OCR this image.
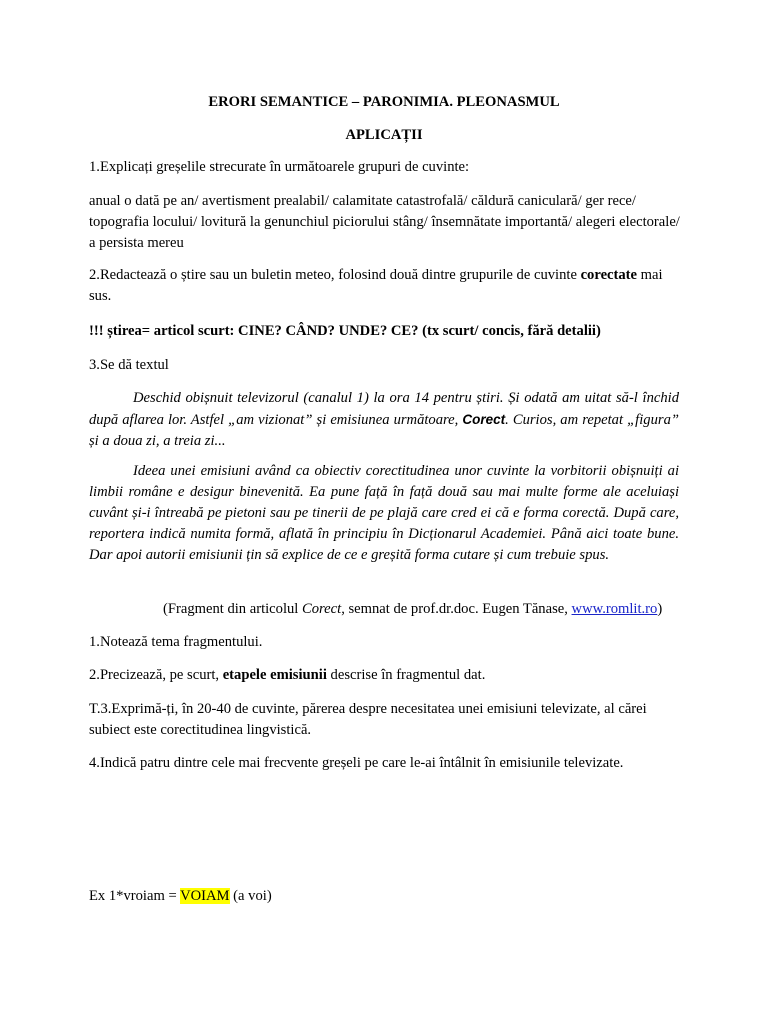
ERORI SEMANTICE – PARONIMIA. PLEONASMUL
APLICAȚII
1.Explicați greșelile strecurate în următoarele grupuri de cuvinte:
anual o dată pe an/ avertisment prealabil/ calamitate catastrofală/ căldură caniculară/ ger rece/ topografia locului/ lovitură la genunchiul piciorului stâng/ însemnătate importantă/ alegeri electorale/ a persista mereu
2.Redactează o știre sau un buletin meteo, folosind două dintre grupurile de cuvinte corectate mai sus.
!!! știrea= articol scurt: CINE? CÂND? UNDE? CE? (tx scurt/ concis, fără detalii)
3.Se dă textul
Deschid obișnuit televizorul (canalul 1) la ora 14 pentru știri. Și odată am uitat să-l închid după aflarea lor. Astfel „am vizionat” și emisiunea următoare, Corect. Curios, am repetat „figura” și a doua zi, a treia zi...
Ideea unei emisiuni având ca obiectiv corectitudinea unor cuvinte la vorbitorii obișnuiți ai limbii române e desigur binevenită. Ea pune față în față două sau mai multe forme ale aceluiași cuvânt și-i întreabă pe pietoni sau pe tinerii de pe plajă care cred ei că e forma corectă. După care, reportera indică numita formă, aflată în principiu în Dicționarul Academiei. Până aici toate bune. Dar apoi autorii emisiunii țin să explice de ce e greșită forma cutare și cum trebuie spus.
(Fragment din articolul Corect, semnat de prof.dr.doc. Eugen Tănase, www.romlit.ro)
1.Notează tema fragmentului.
2.Precizează, pe scurt, etapele emisiunii descrise în fragmentul dat.
T.3.Exprimă-ți, în 20-40 de cuvinte, părerea despre necesitatea unei emisiuni televizate, al cărei subiect este corectitudinea lingvistică.
4.Indică patru dintre cele mai frecvente greșeli pe care le-ai întâlnit în emisiunile televizate.
Ex 1*vroiam = VOIAM (a voi)
